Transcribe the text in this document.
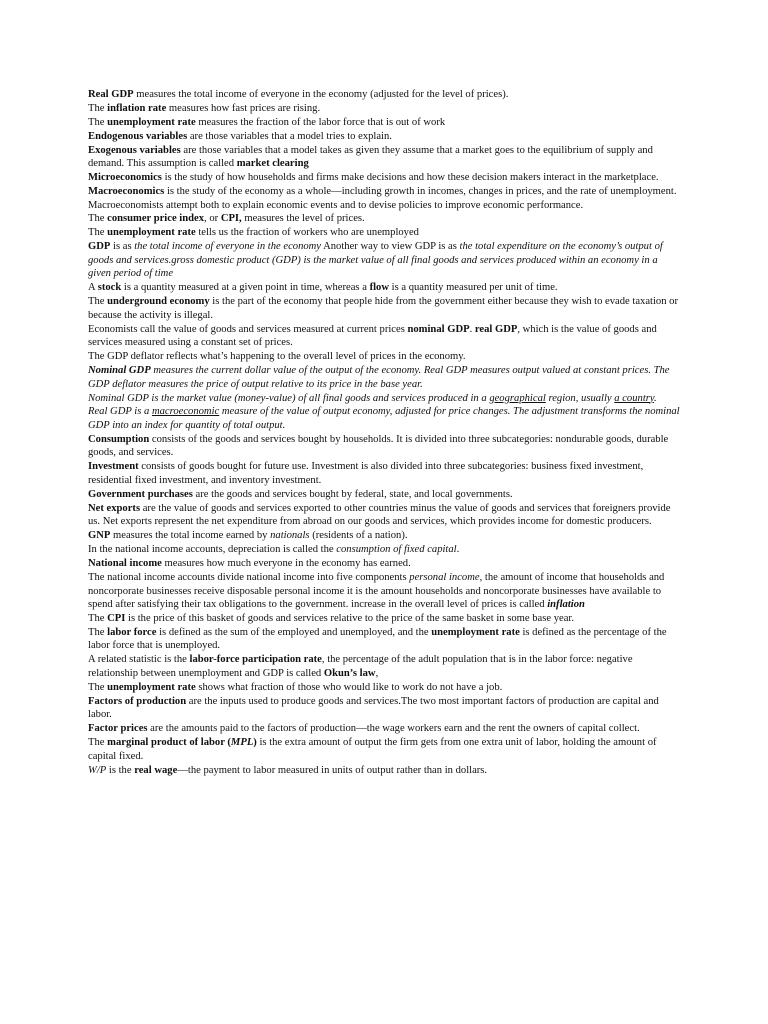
Real GDP measures the total income of everyone in the economy (adjusted for the level of prices).
The inflation rate measures how fast prices are rising.
The unemployment rate measures the fraction of the labor force that is out of work
Endogenous variables are those variables that a model tries to explain.
Exogenous variables are those variables that a model takes as given they assume that a market goes to the equilibrium of supply and demand. This assumption is called market clearing
Microeconomics is the study of how households and firms make decisions and how these decision makers interact in the marketplace.
Macroeconomics is the study of the economy as a whole—including growth in incomes, changes in prices, and the rate of unemployment. Macroeconomists attempt both to explain economic events and to devise policies to improve economic performance.
The consumer price index, or CPI, measures the level of prices.
The unemployment rate tells us the fraction of workers who are unemployed
GDP is as the total income of everyone in the economy Another way to view GDP is as the total expenditure on the economy’s output of goods and services.gross domestic product (GDP) is the market value of all final goods and services produced within an economy in a given period of time
A stock is a quantity measured at a given point in time, whereas a flow is a quantity measured per unit of time.
The underground economy is the part of the economy that people hide from the government either because they wish to evade taxation or because the activity is illegal.
Economists call the value of goods and services measured at current prices nominal GDP. real GDP, which is the value of goods and services measured using a constant set of prices.
The GDP deflator reflects what’s happening to the overall level of prices in the economy.
Nominal GDP measures the current dollar value of the output of the economy. Real GDP measures output valued at constant prices. The GDP deflator measures the price of output relative to its price in the base year.
Nominal GDP is the market value (money-value) of all final goods and services produced in a geographical region, usually a country.
Real GDP is a macroeconomic measure of the value of output economy, adjusted for price changes. The adjustment transforms the nominal GDP into an index for quantity of total output.
Consumption consists of the goods and services bought by households. It is divided into three subcategories: nondurable goods, durable goods, and services.
Investment consists of goods bought for future use. Investment is also divided into three subcategories: business fixed investment, residential fixed investment, and inventory investment.
Government purchases are the goods and services bought by federal, state, and local governments.
Net exports are the value of goods and services exported to other countries minus the value of goods and services that foreigners provide us. Net exports represent the net expenditure from abroad on our goods and services, which provides income for domestic producers.
GNP measures the total income earned by nationals (residents of a nation).
In the national income accounts, depreciation is called the consumption of fixed capital.
National income measures how much everyone in the economy has earned.
The national income accounts divide national income into five components personal income, the amount of income that households and noncorporate businesses receive disposable personal income it is the amount households and noncorporate businesses have available to spend after satisfying their tax obligations to the government. increase in the overall level of prices is called inflation
The CPI is the price of this basket of goods and services relative to the price of the same basket in some base year.
The labor force is defined as the sum of the employed and unemployed, and the unemployment rate is defined as the percentage of the labor force that is unemployed.
A related statistic is the labor-force participation rate, the percentage of the adult population that is in the labor force: negative relationship between unemployment and GDP is called Okun’s law,
The unemployment rate shows what fraction of those who would like to work do not have a job.
Factors of production are the inputs used to produce goods and services.The two most important factors of production are capital and labor.
Factor prices are the amounts paid to the factors of production—the wage workers earn and the rent the owners of capital collect.
The marginal product of labor (MPL) is the extra amount of output the firm gets from one extra unit of labor, holding the amount of capital fixed.
W/P is the real wage—the payment to labor measured in units of output rather than in dollars.
